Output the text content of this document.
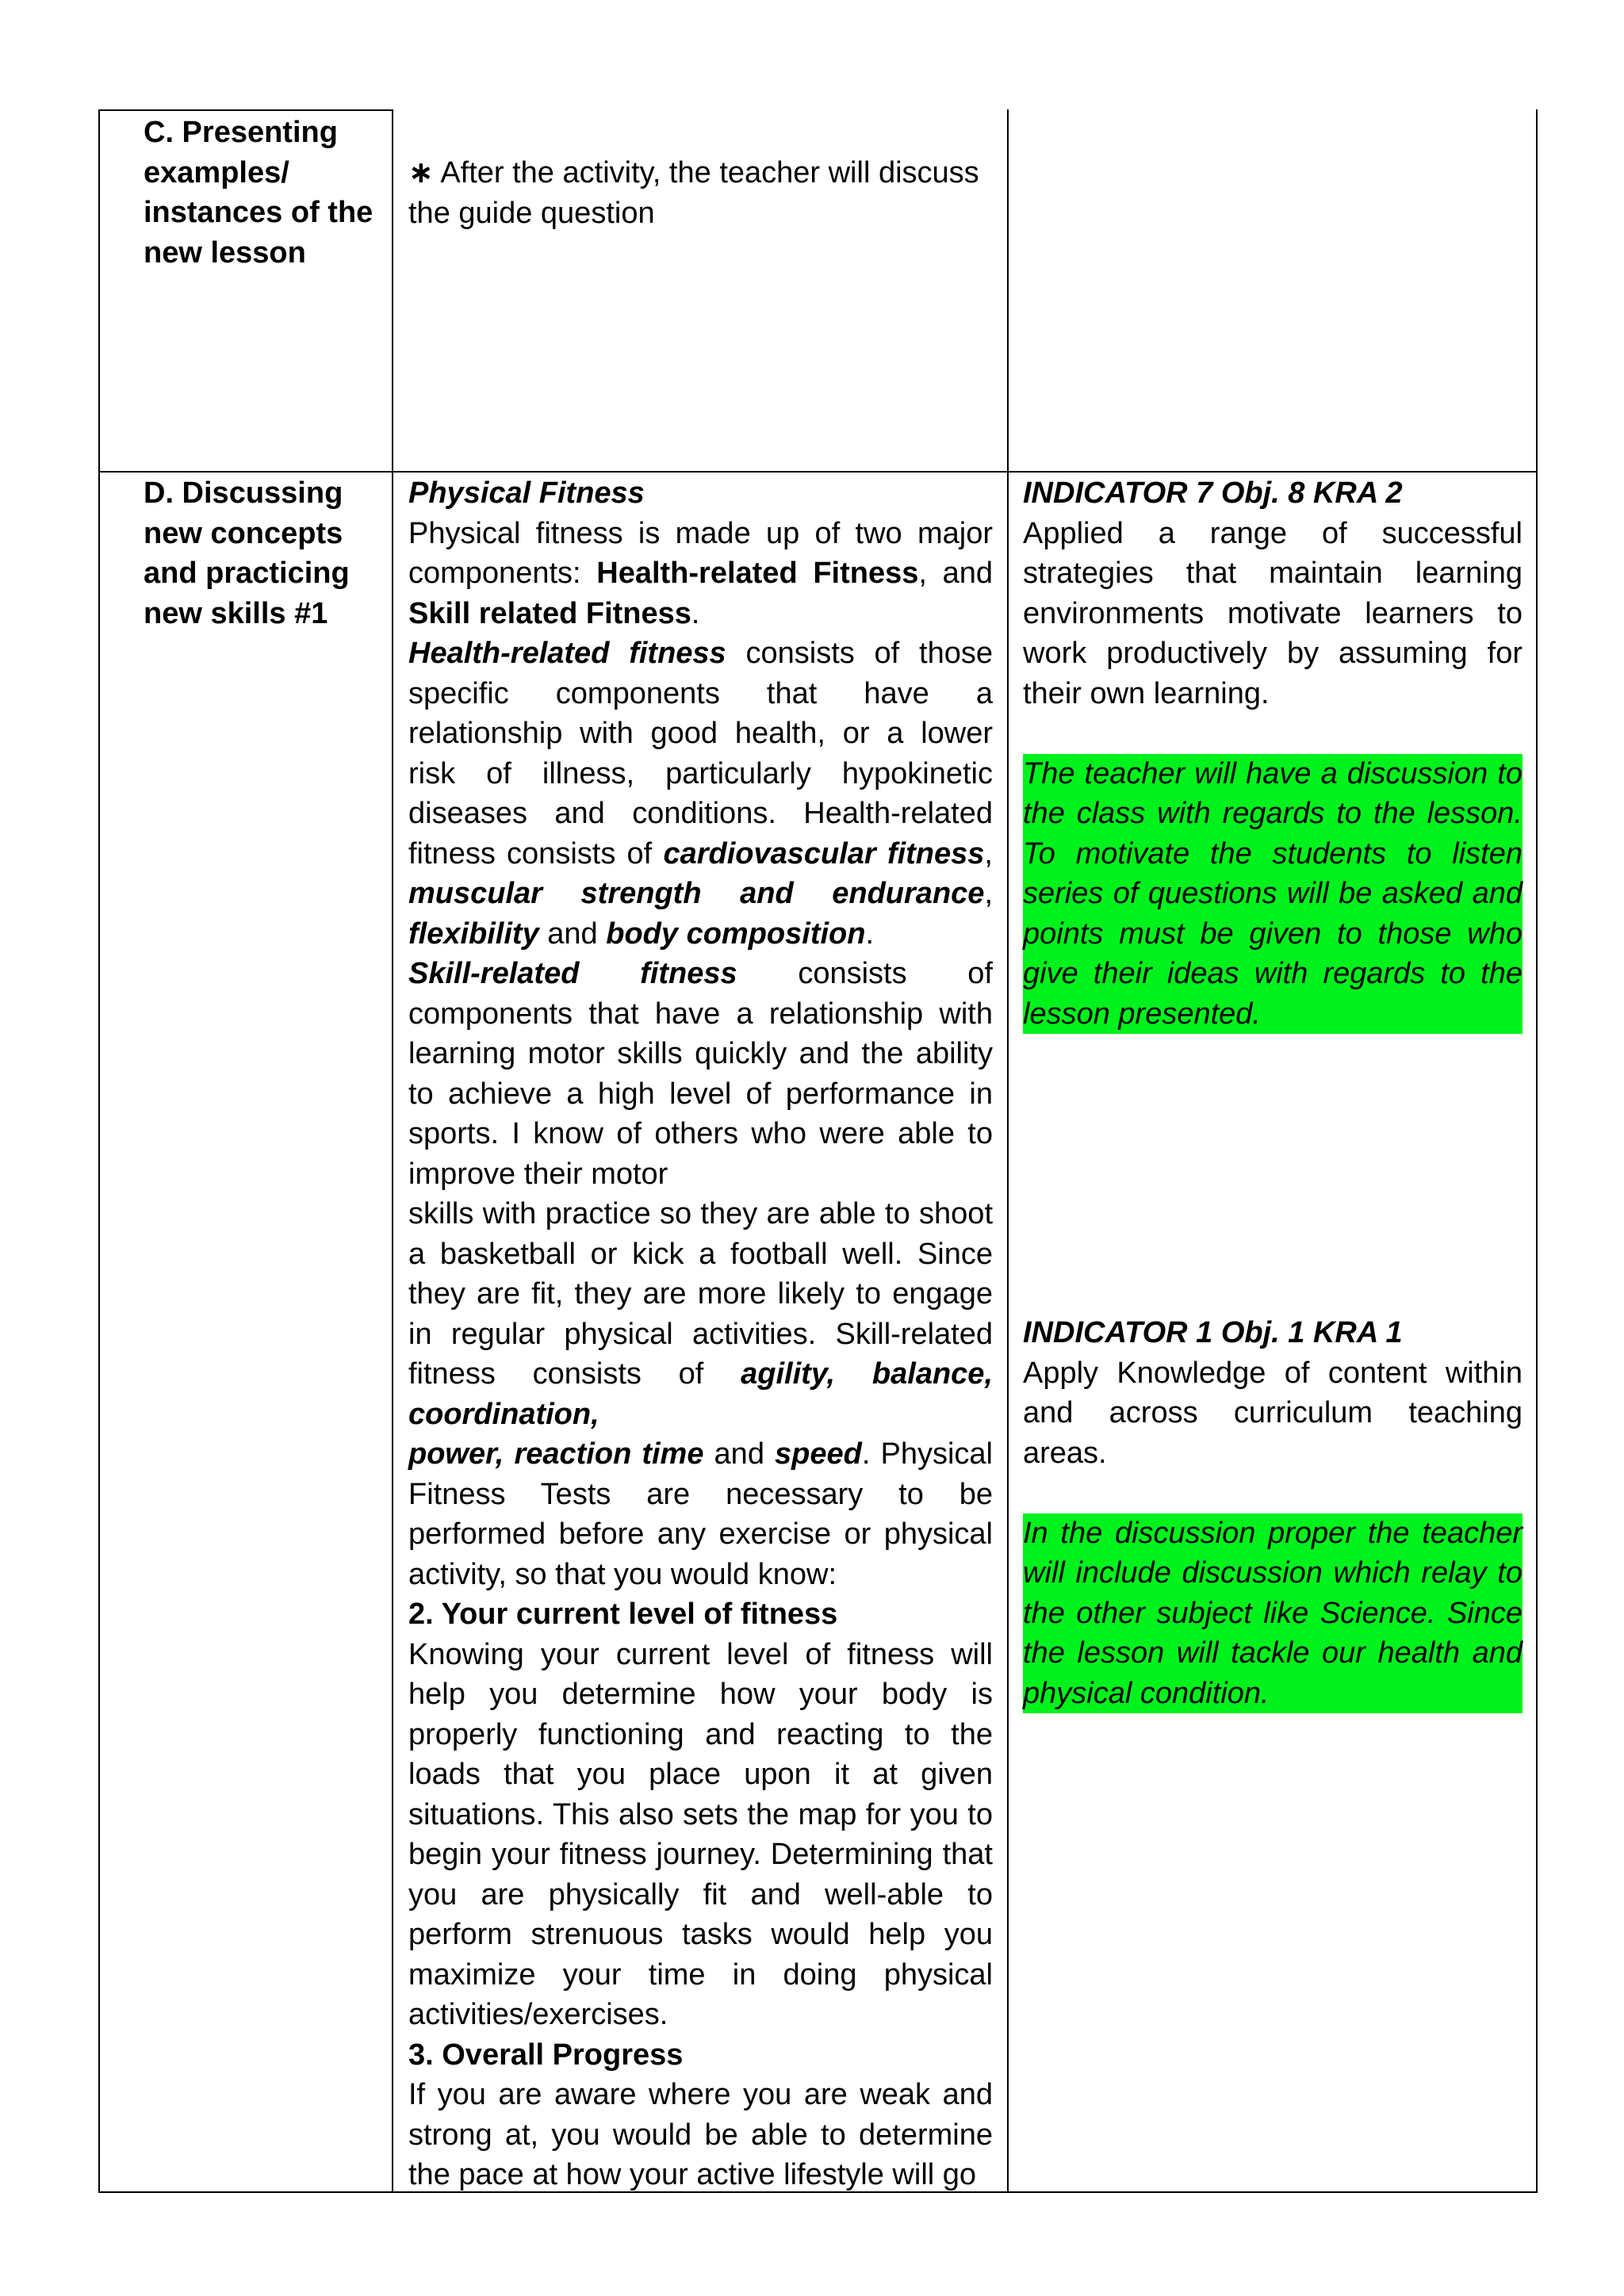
C. Presenting
examples/
instances of the
new lesson
∗ After the activity, the teacher will discuss
the guide question
D. Discussing
new concepts
and practicing
new skills #1

Physical Fitness

Physical fitness is made up of two major components: Health-related Fitness, and Skill related Fitness.

Health-related fitness consists of those specific components that have a relationship with good health, or a lower risk of illness, particularly hypokinetic diseases and conditions. Health-related fitness consists of cardiovascular fitness, muscular strength and endurance, flexibility and body composition.

Skill-related fitness consists of components that have a relationship with learning motor skills quickly and the ability to achieve a high level of performance in sports. I know of others who were able to improve their motor

skills with practice so they are able to shoot a basketball or kick a football well. Since they are fit, they are more likely to engage in regular physical activities. Skill-related fitness consists of agility, balance, coordination,

power, reaction time and speed. Physical Fitness Tests are necessary to be performed before any exercise or physical activity, so that you would know:

2. Your current level of fitness

Knowing your current level of fitness will help you determine how your body is properly functioning and reacting to the loads that you place upon it at given situations. This also sets the map for you to begin your fitness journey. Determining that you are physically fit and well-able to perform strenuous tasks would help you maximize your time in doing physical activities/exercises.

3. Overall Progress

If you are aware where you are weak and strong at, you would be able to determine the pace at how your active lifestyle will go

INDICATOR 7 Obj. 8 KRA 2

Applied a range of successful strategies that maintain learning environments motivate learners to work productively by assuming for their own learning.

The teacher will have a discussion to the class with regards to the lesson. To motivate the students to listen series of questions will be asked and points must be given to those who give their ideas with regards to the lesson presented.

INDICATOR 1 Obj. 1 KRA 1

Apply Knowledge of content within and across curriculum teaching areas.

In the discussion proper the teacher will include discussion which relay to the other subject like Science. Since the lesson will tackle our health and physical condition.
